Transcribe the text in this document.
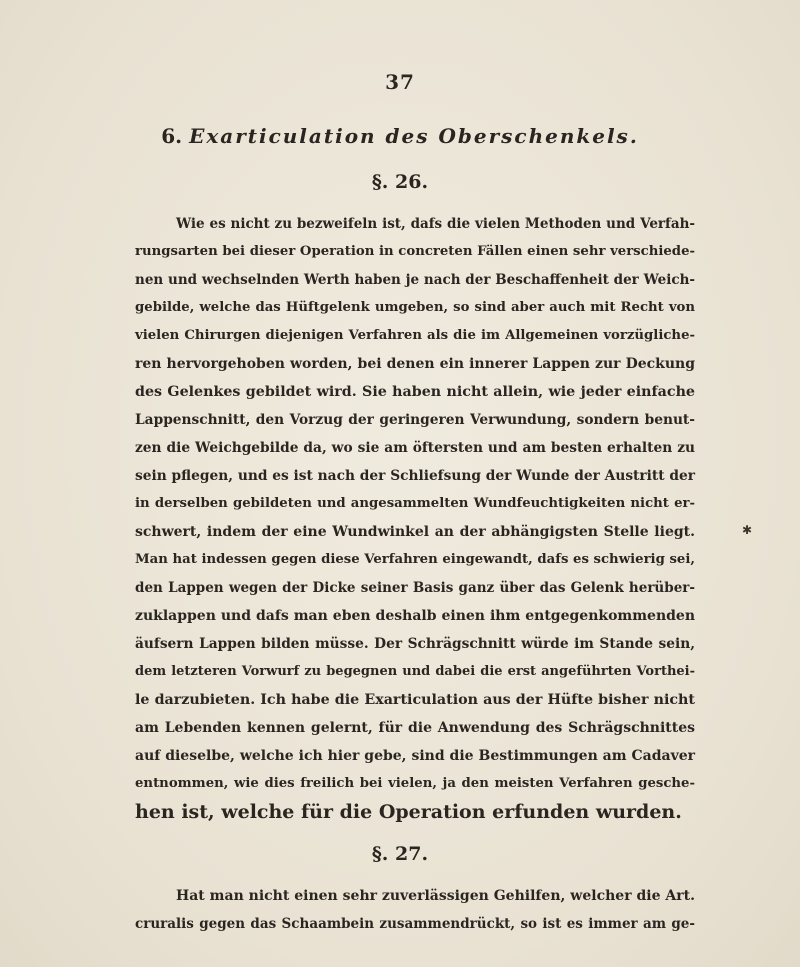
37
6. Exarticulation des Oberschenkels.
§. 26.
Wie es nicht zu bezweifeln ist, dafs die vielen Methoden und Verfah-
rungsarten bei dieser Operation in concreten Fällen einen sehr verschiede-
nen und wechselnden Werth haben je nach der Beschaffenheit der Weich-
gebilde, welche das Hüftgelenk umgeben, so sind aber auch mit Recht von
vielen Chirurgen diejenigen Verfahren als die im Allgemeinen vorzügliche-
ren hervorgehoben worden, bei denen ein innerer Lappen zur Deckung
des Gelenkes gebildet wird. Sie haben nicht allein, wie jeder einfache
Lappenschnitt, den Vorzug der geringeren Verwundung, sondern benut-
zen die Weichgebilde da, wo sie am öftersten und am besten erhalten zu
sein pflegen, und es ist nach der Schliefsung der Wunde der Austritt der
in derselben gebildeten und angesammelten Wundfeuchtigkeiten nicht er-
schwert, indem der eine Wundwinkel an der abhängigsten Stelle liegt.
Man hat indessen gegen diese Verfahren eingewandt, dafs es schwierig sei,
den Lappen wegen der Dicke seiner Basis ganz über das Gelenk herüber-
zuklappen und dafs man eben deshalb einen ihm entgegenkommenden
äufsern Lappen bilden müsse. Der Schrägschnitt würde im Stande sein,
dem letzteren Vorwurf zu begegnen und dabei die erst angeführten Vorthei-
le darzubieten. Ich habe die Exarticulation aus der Hüfte bisher nicht
am Lebenden kennen gelernt, für die Anwendung des Schrägschnittes
auf dieselbe, welche ich hier gebe, sind die Bestimmungen am Cadaver
entnommen, wie dies freilich bei vielen, ja den meisten Verfahren gesche-
hen ist, welche für die Operation erfunden wurden.
§. 27.
Hat man nicht einen sehr zuverlässigen Gehilfen, welcher die Art.
cruralis gegen das Schaambein zusammendrückt, so ist es immer am ge-
✱
